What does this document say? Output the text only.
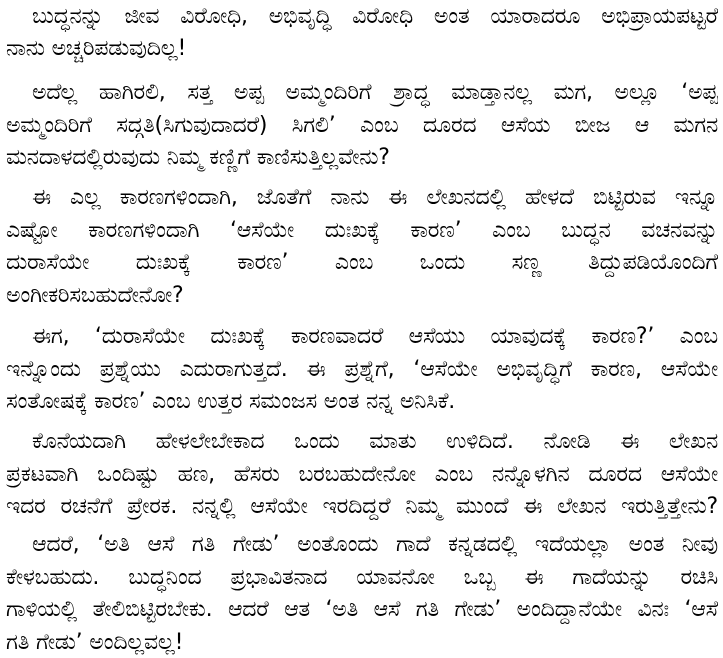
ಬುದ್ಧನನ್ನು ಜೀವ ವಿರೋಧಿ, ಅಭಿವೃದ್ಧಿ ವಿರೋಧಿ ಅಂತ ಯಾರಾದರೂ ಅಭಿಪ್ರಾಯಪಟ್ಟರೆ
ನಾನು ಅಚ್ಚರಿಪಡುವುದಿಲ್ಲ!
ಅದೆಲ್ಲ ಹಾಗಿರಲಿ, ಸತ್ತ ಅಪ್ಪ ಅಮ್ಮಂದಿರಿಗೆ ಶ್ರಾದ್ಧ ಮಾಡ್ತಾನಲ್ಲ ಮಗ, ಅಲ್ಲೂ ‘ಅಪ್ಪ
ಅಮ್ಮಂದಿರಿಗೆ ಸದ್ಗತಿ(ಸಿಗುವುದಾದರೆ) ಸಿಗಲಿ’ ಎಂಬ ದೂರದ ಆಸೆಯ ಬೀಜ ಆ ಮಗನ
ಮನದಾಳದಲ್ಲಿರುವುದು ನಿಮ್ಮ ಕಣ್ಣಿಗೆ ಕಾಣಿಸುತ್ತಿಲ್ಲವೇನು?
ಈ ಎಲ್ಲ ಕಾರಣಗಳಿಂದಾಗಿ, ಜೊತೆಗೆ ನಾನು ಈ ಲೇಖನದಲ್ಲಿ ಹೇಳದೆ ಬಿಟ್ಟಿರುವ ಇನ್ನೂ
ಎಷ್ಟೋ ಕಾರಣಗಳಿಂದಾಗಿ ‘ಆಸೆಯೇ ದುಃಖಕ್ಕೆ ಕಾರಣ’ ಎಂಬ ಬುದ್ಧನ ವಚನವನ್ನು
ದುರಾಸೆಯೇ ದುಃಖಕ್ಕೆ ಕಾರಣ’ ಎಂಬ ಒಂದು ಸಣ್ಣ ತಿದ್ದುಪಡಿಯೊಂದಿಗೆ
ಅಂಗೀಕರಿಸಬಹುದೇನೋ?
ಈಗ, ‘ದುರಾಸೆಯೇ ದುಃಖಕ್ಕೆ ಕಾರಣವಾದರೆ ಆಸೆಯು ಯಾವುದಕ್ಕೆ ಕಾರಣ?’ ಎಂಬ
ಇನ್ನೊಂದು ಪ್ರಶ್ನೆಯು ಎದುರಾಗುತ್ತದೆ. ಈ ಪ್ರಶ್ನೆಗೆ, ‘ಆಸೆಯೇ ಅಭಿವೃದ್ಧಿಗೆ ಕಾರಣ, ಆಸೆಯೇ
ಸಂತೋಷಕ್ಕೆ ಕಾರಣ’ ಎಂಬ ಉತ್ತರ ಸಮಂಜಸ ಅಂತ ನನ್ನ ಅನಿಸಿಕೆ.
ಕೊನೆಯದಾಗಿ ಹೇಳಲೇಬೇಕಾದ ಒಂದು ಮಾತು ಉಳಿದಿದೆ. ನೋಡಿ ಈ ಲೇಖನ
ಪ್ರಕಟವಾಗಿ ಒಂದಿಷ್ಟು ಹಣ, ಹೆಸರು ಬರಬಹುದೇನೋ ಎಂಬ ನನ್ನೊಳಗಿನ ದೂರದ ಆಸೆಯೇ
ಇದರ ರಚನೆಗೆ ಪ್ರೇರಕ. ನನ್ನಲ್ಲಿ ಆಸೆಯೇ ಇರದಿದ್ದರೆ ನಿಮ್ಮ ಮುಂದೆ ಈ ಲೇಖನ ಇರುತ್ತಿತ್ತೇನು?
ಆದರೆ, ‘ಅತಿ ಆಸೆ ಗತಿ ಗೇಡು’ ಅಂತೊಂದು ಗಾದೆ ಕನ್ನಡದಲ್ಲಿ ಇದೆಯಲ್ಲಾ ಅಂತ ನೀವು
ಕೇಳಬಹುದು. ಬುದ್ಧನಿಂದ ಪ್ರಭಾವಿತನಾದ ಯಾವನೋ ಒಬ್ಬ ಈ ಗಾದೆಯನ್ನು ರಚಿಸಿ
ಗಾಳಿಯಲ್ಲಿ ತೇಲಿಬಿಟ್ಟಿರಬೇಕು. ಆದರೆ ಆತ ‘ಅತಿ ಆಸೆ ಗತಿ ಗೇಡು’ ಅಂದಿದ್ದಾನೆಯೇ ವಿನಃ ‘ಆಸೆ
ಗತಿ ಗೇಡು’ ಅಂದಿಲ್ಲವಲ್ಲ!
